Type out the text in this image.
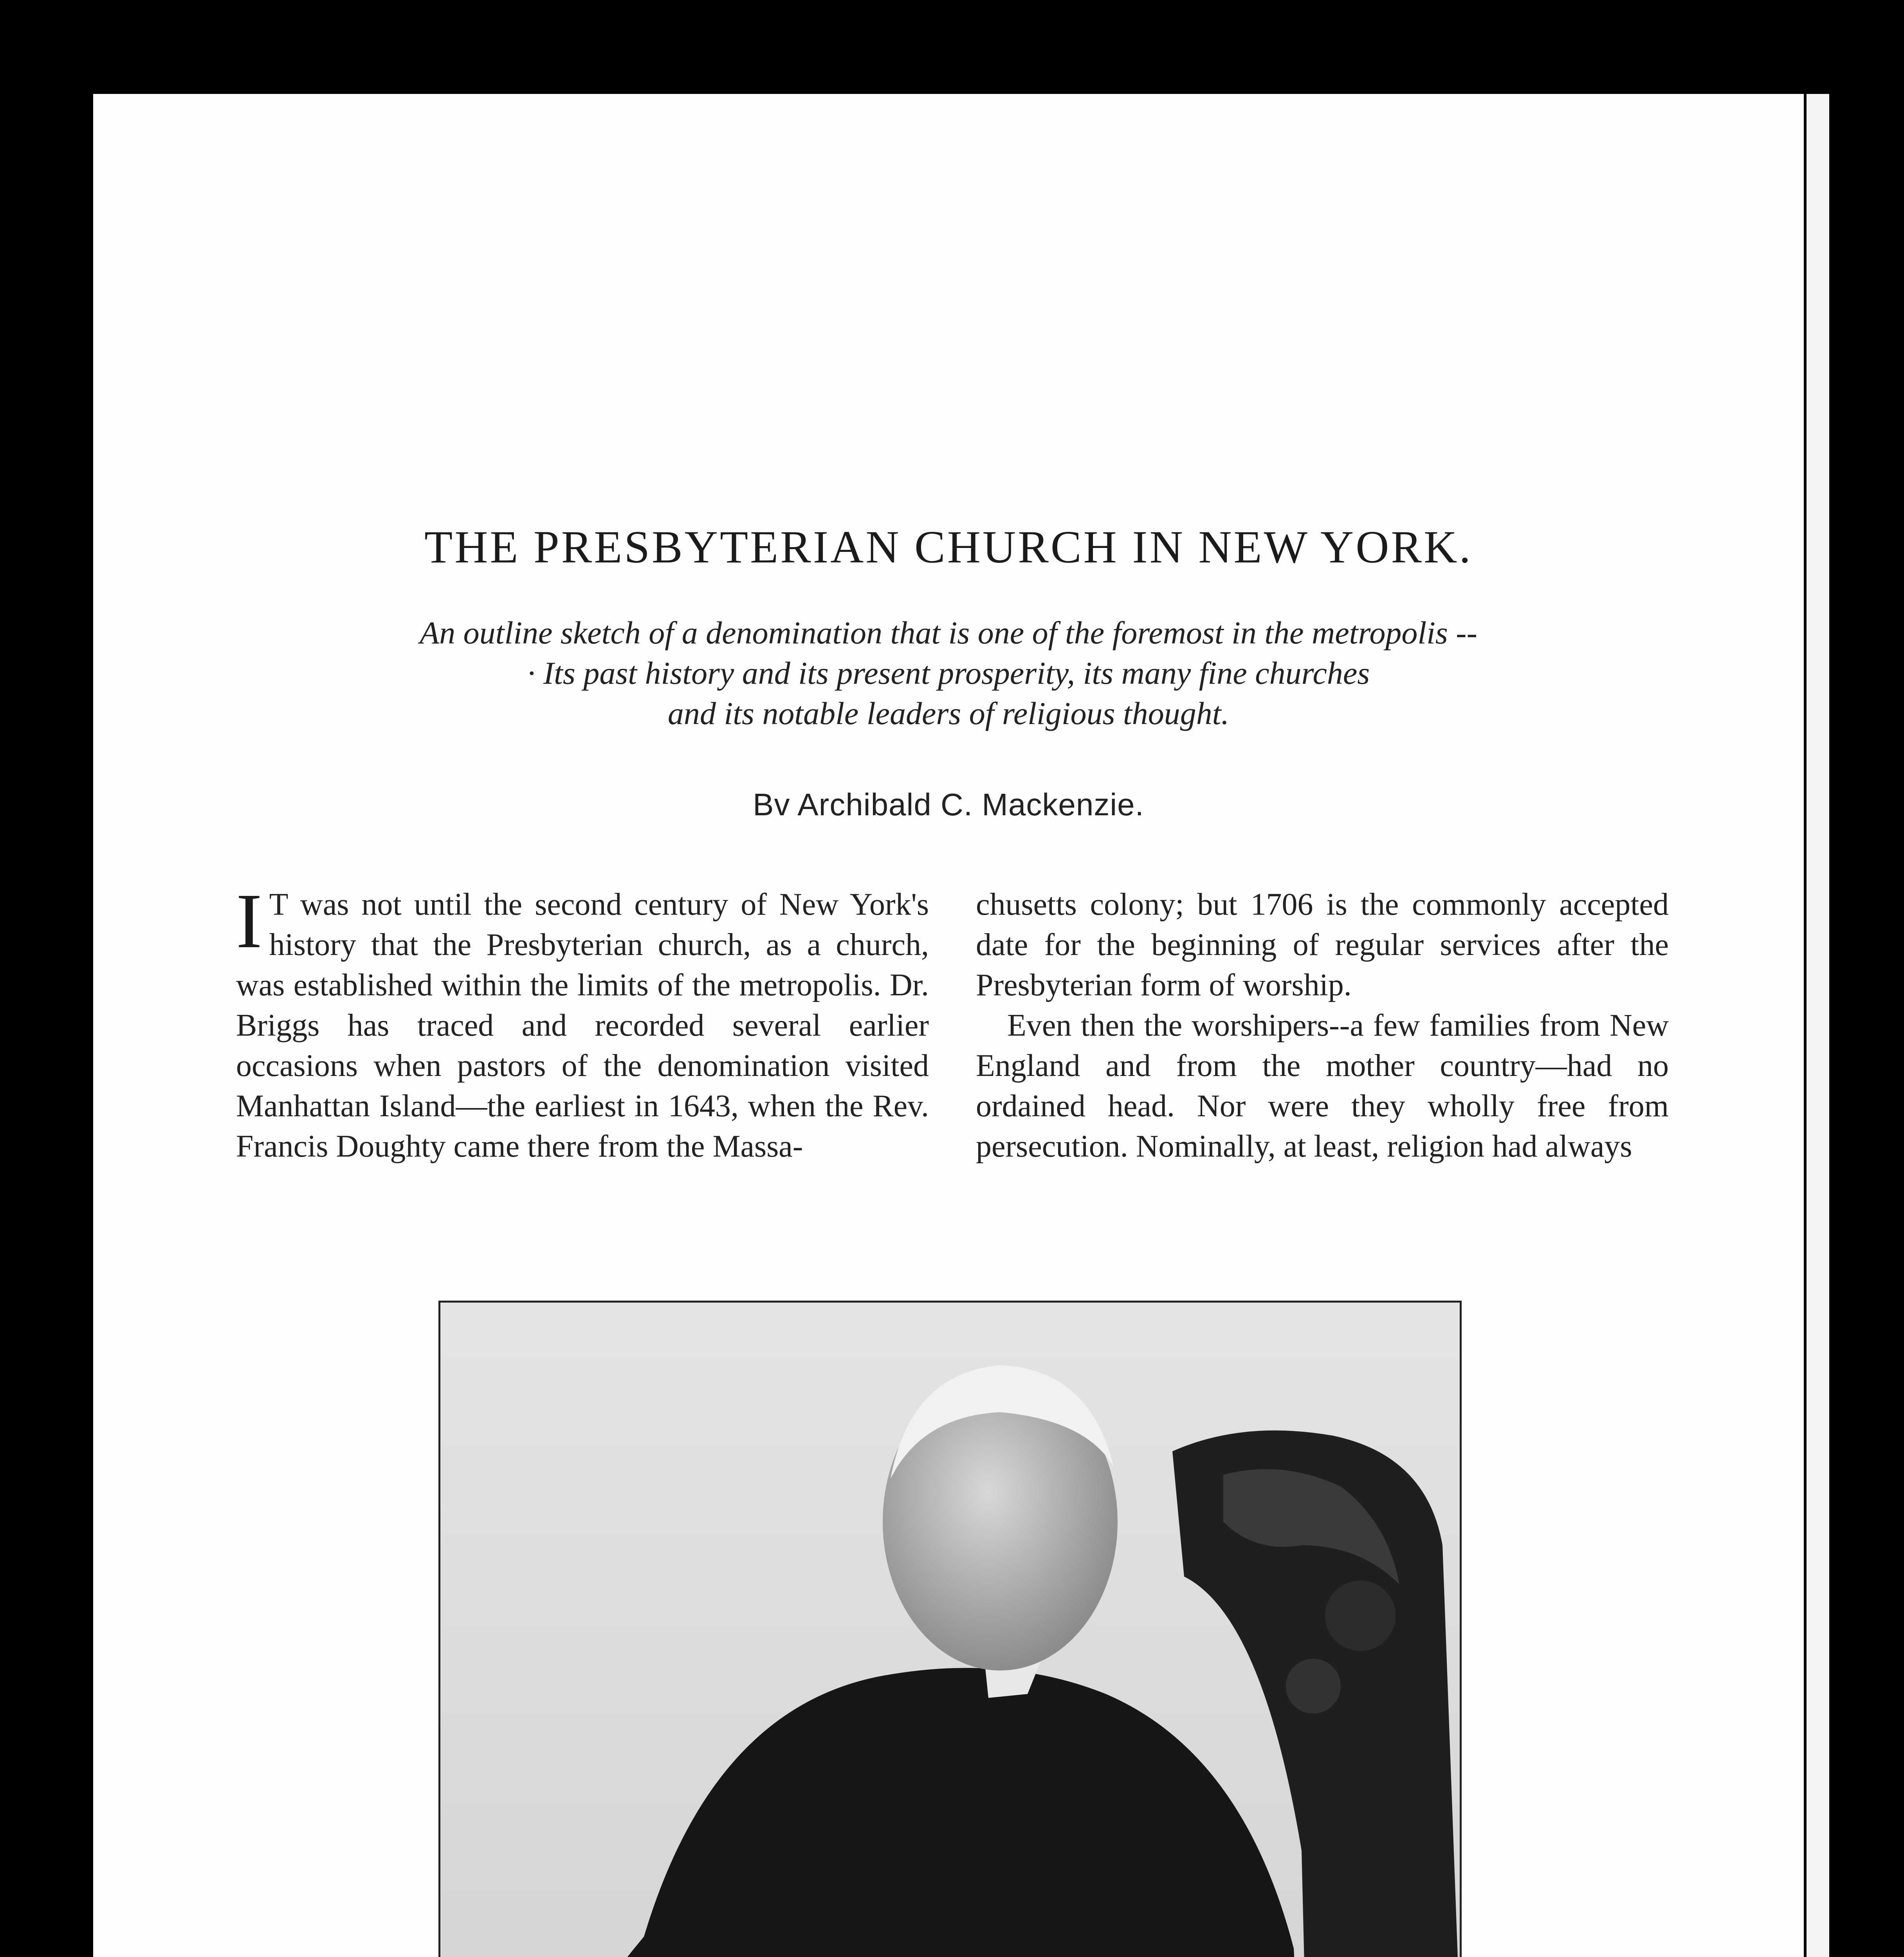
THE PRESBYTERIAN CHURCH IN NEW YORK.
An outline sketch of a denomination that is one of the foremost in the metropolis --
· Its past history and its present prosperity, its many fine churches
and its notable leaders of religious thought.
Bv Archibald C. Mackenzie.

I T was not until the second century of New York's history that the Presbyterian church, as a church, was established within the limits of the metropolis. Dr. Briggs has traced and recorded several earlier occasions when pastors of the denomination visited Manhattan Island—the earliest in 1643, when the Rev. Francis Doughty came there from the Massa-

chusetts colony; but 1706 is the commonly accepted date for the beginning of regular services after the Presbyterian form of worship.

Even then the worshipers--a few families from New England and from the mother country—had no ordained head. Nor were they wholly free from persecution. Nominally, at least, religion had always
